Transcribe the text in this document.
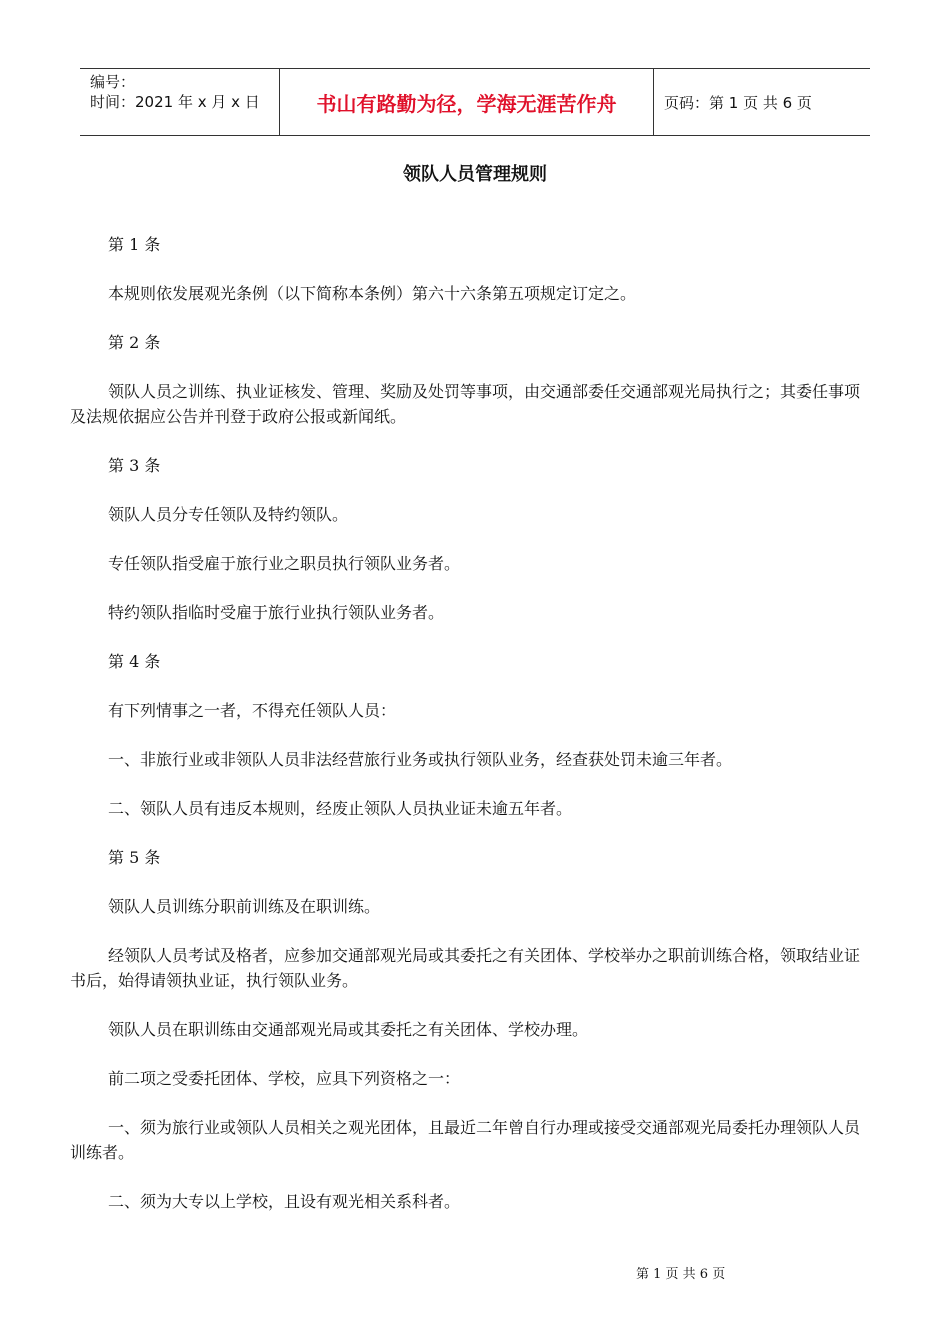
编号：
时间：2021 年 x 月 x 日	书山有路勤为径，学海无涯苦作舟	页码：第 1 页 共 6 页
领队人员管理规则

第 1 条

本规则依发展观光条例（以下简称本条例）第六十六条第五项规定订定之。

第 2 条

领队人员之训练、执业证核发、管理、奖励及处罚等事项，由交通部委任交通部观光局执行之；其委任事项及法规依据应公告并刊登于政府公报或新闻纸。

第 3 条

领队人员分专任领队及特约领队。

专任领队指受雇于旅行业之职员执行领队业务者。

特约领队指临时受雇于旅行业执行领队业务者。

第 4 条

有下列情事之一者，不得充任领队人员：

一、非旅行业或非领队人员非法经营旅行业务或执行领队业务，经查获处罚未逾三年者。

二、领队人员有违反本规则，经废止领队人员执业证未逾五年者。

第 5 条

领队人员训练分职前训练及在职训练。

经领队人员考试及格者，应参加交通部观光局或其委托之有关团体、学校举办之职前训练合格，领取结业证书后，始得请领执业证，执行领队业务。

领队人员在职训练由交通部观光局或其委托之有关团体、学校办理。

前二项之受委托团体、学校，应具下列资格之一：

一、须为旅行业或领队人员相关之观光团体，且最近二年曾自行办理或接受交通部观光局委托办理领队人员训练者。

二、须为大专以上学校，且设有观光相关系科者。

第 1 页 共 6 页
